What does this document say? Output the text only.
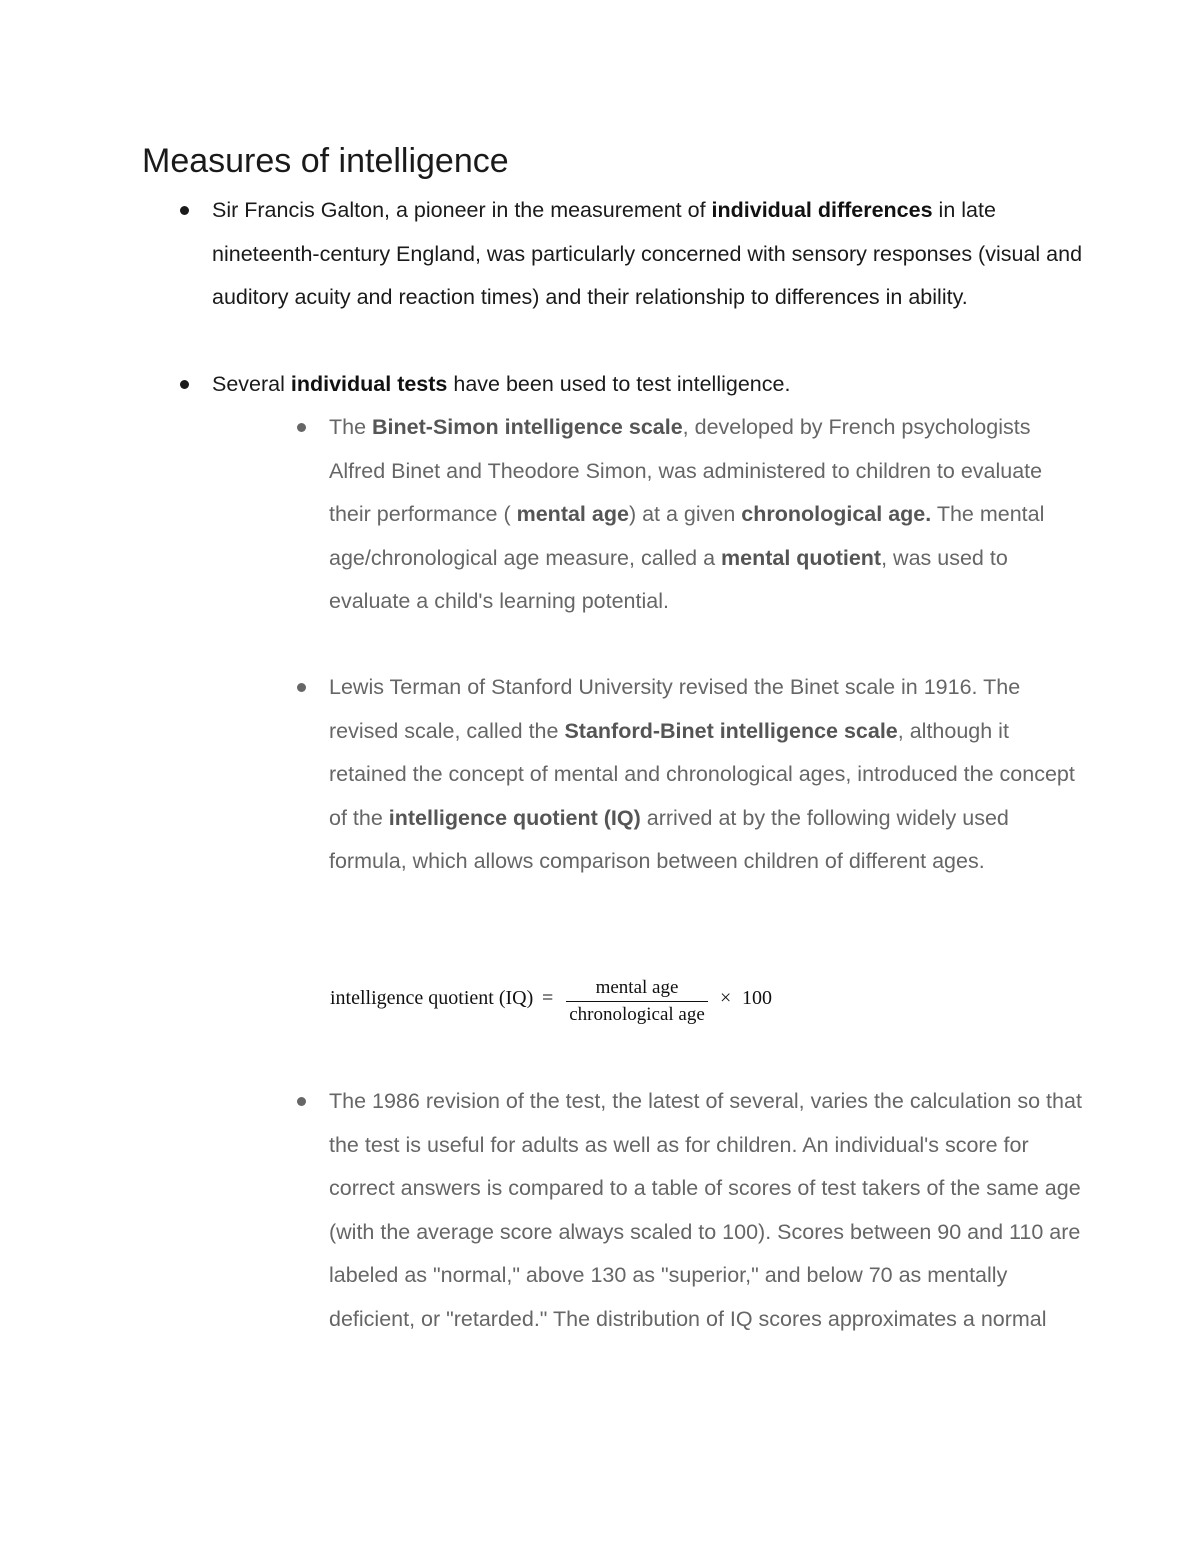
Measures of intelligence
Sir Francis Galton, a pioneer in the measurement of individual differences in late nineteenth-century England, was particularly concerned with sensory responses (visual and auditory acuity and reaction times) and their relationship to differences in ability.
Several individual tests have been used to test intelligence.
The Binet-Simon intelligence scale, developed by French psychologists Alfred Binet and Theodore Simon, was administered to children to evaluate their performance ( mental age) at a given chronological age. The mental age/chronological age measure, called a mental quotient, was used to evaluate a child's learning potential.
Lewis Terman of Stanford University revised the Binet scale in 1916. The revised scale, called the Stanford-Binet intelligence scale, although it retained the concept of mental and chronological ages, introduced the concept of the intelligence quotient (IQ) arrived at by the following widely used formula, which allows comparison between children of different ages.
intelligence quotient (IQ) =	mental age
chronological age
× 100
The 1986 revision of the test, the latest of several, varies the calculation so that the test is useful for adults as well as for children. An individual's score for correct answers is compared to a table of scores of test takers of the same age (with the average score always scaled to 100). Scores between 90 and 110 are labeled as "normal," above 130 as "superior," and below 70 as mentally deficient, or "retarded." The distribution of IQ scores approximates a normal
